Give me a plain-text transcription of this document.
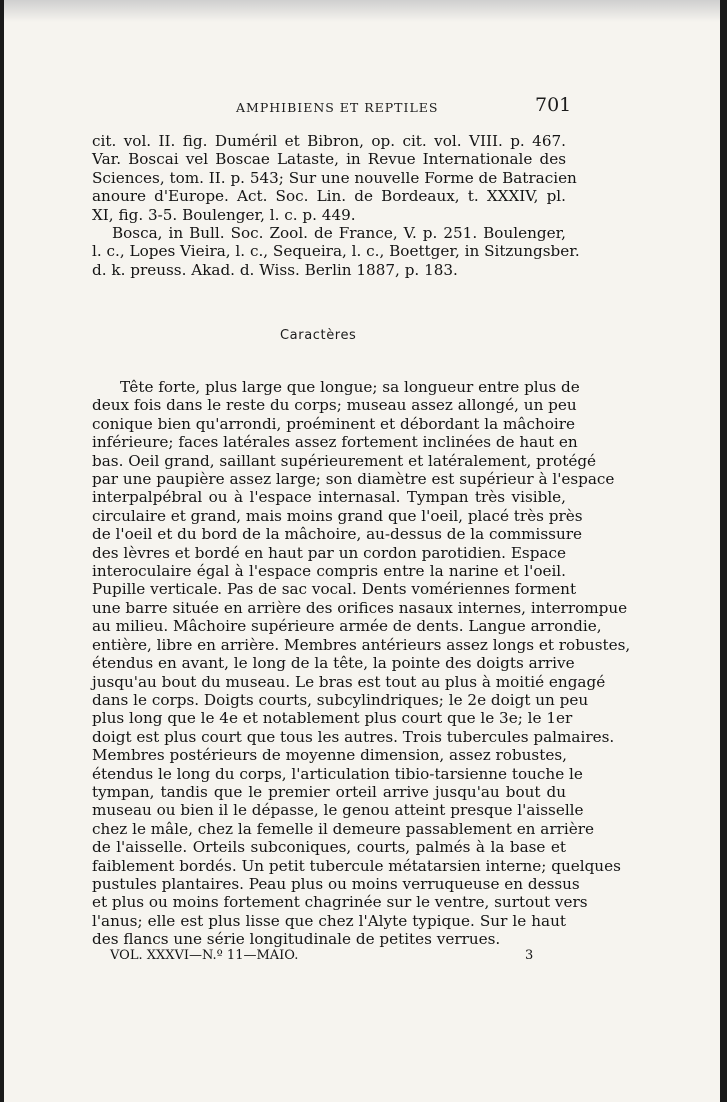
AMPHIBIENS ET REPTILES	701
cit. vol. II. fig. Duméril et Bibron, op. cit. vol. VIII. p. 467.
Var. Boscai vel Boscae Lataste, in Revue Internationale des
Sciences, tom. II. p. 543; Sur une nouvelle Forme de Batracien
anoure d'Europe. Act. Soc. Lin. de Bordeaux, t. XXXIV, pl.
XI, fig. 3-5. Boulenger, l. c. p. 449.
Bosca, in Bull. Soc. Zool. de France, V. p. 251. Boulenger,
l. c., Lopes Vieira, l. c., Sequeira, l. c., Boettger, in Sitzungsber.
d. k. preuss. Akad. d. Wiss. Berlin 1887, p. 183.
Caractères
Tête forte, plus large que longue; sa longueur entre plus de
deux fois dans le reste du corps; museau assez allongé, un peu
conique bien qu'arrondi, proéminent et débordant la mâchoire
inférieure; faces latérales assez fortement inclinées de haut en
bas. Oeil grand, saillant supérieurement et latéralement, protégé
par une paupière assez large; son diamètre est supérieur à l'espace
interpalpébral ou à l'espace internasal. Tympan très visible,
circulaire et grand, mais moins grand que l'oeil, placé très près
de l'oeil et du bord de la mâchoire, au-dessus de la commissure
des lèvres et bordé en haut par un cordon parotidien. Espace
interoculaire égal à l'espace compris entre la narine et l'oeil.
Pupille verticale. Pas de sac vocal. Dents vomériennes forment
une barre située en arrière des orifices nasaux internes, interrompue
au milieu. Mâchoire supérieure armée de dents. Langue arrondie,
entière, libre en arrière. Membres antérieurs assez longs et robustes,
étendus en avant, le long de la tête, la pointe des doigts arrive
jusqu'au bout du museau. Le bras est tout au plus à moitié engagé
dans le corps. Doigts courts, subcylindriques; le 2e doigt un peu
plus long que le 4e et notablement plus court que le 3e; le 1er
doigt est plus court que tous les autres. Trois tubercules palmaires.
Membres postérieurs de moyenne dimension, assez robustes,
étendus le long du corps, l'articulation tibio-tarsienne touche le
tympan, tandis que le premier orteil arrive jusqu'au bout du
museau ou bien il le dépasse, le genou atteint presque l'aisselle
chez le mâle, chez la femelle il demeure passablement en arrière
de l'aisselle. Orteils subconiques, courts, palmés à la base et
faiblement bordés. Un petit tubercule métatarsien interne; quelques
pustules plantaires. Peau plus ou moins verruqueuse en dessus
et plus ou moins fortement chagrinée sur le ventre, surtout vers
l'anus; elle est plus lisse que chez l'Alyte typique. Sur le haut
des flancs une série longitudinale de petites verrues.
VOL. XXXVI—N.º 11—MAIO.	3
